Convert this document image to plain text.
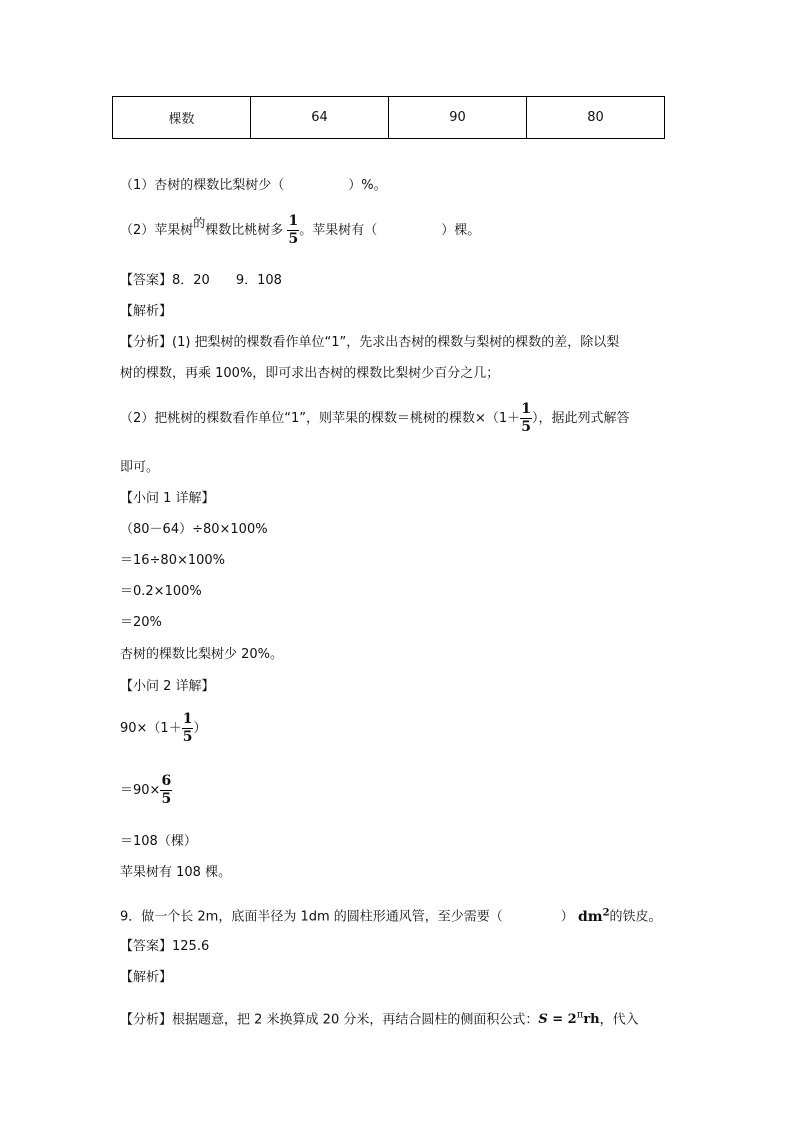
棵数	64	90	80
（1）杏树的棵数比梨树少（	）%。
（2）苹果树的棵数比桃树多 $\frac{1}{5}$ 。苹果树有（	）棵。
【答案】8．20　　9．108
【解析】
【分析】(1) 把梨树的棵数看作单位“1”，先求出杏树的棵数与梨树的棵数的差，除以梨
树的棵数，再乘 100%，即可求出杏树的棵数比梨树少百分之几；
（2）把桃树的棵数看作单位“1”，则苹果的棵数＝桃树的棵数$\times(1+ \frac{1}{5}$ ），据此列式解答
即可。
【小问 1 详解】
（80－64）÷80×100%
＝16÷80×100%
＝0.2×100%
＝20%
杏树的棵数比梨树少 20%。
【小问 2 详解】
$90\times(1+ \frac{1}{5}$ ）
$=90\times \frac{6}{5}$
＝108（棵）
苹果树有 108 棵。
9．做一个长 2m，底面半径为 1dm 的圆柱形通风管，至少需要（	） $dm^2$的铁皮。
【答案】125.6
【解析】
【分析】根据题意，把 2 米换算成 20 分米，再结合圆柱的侧面积公式：$S = 2^\pi rh$，代入
